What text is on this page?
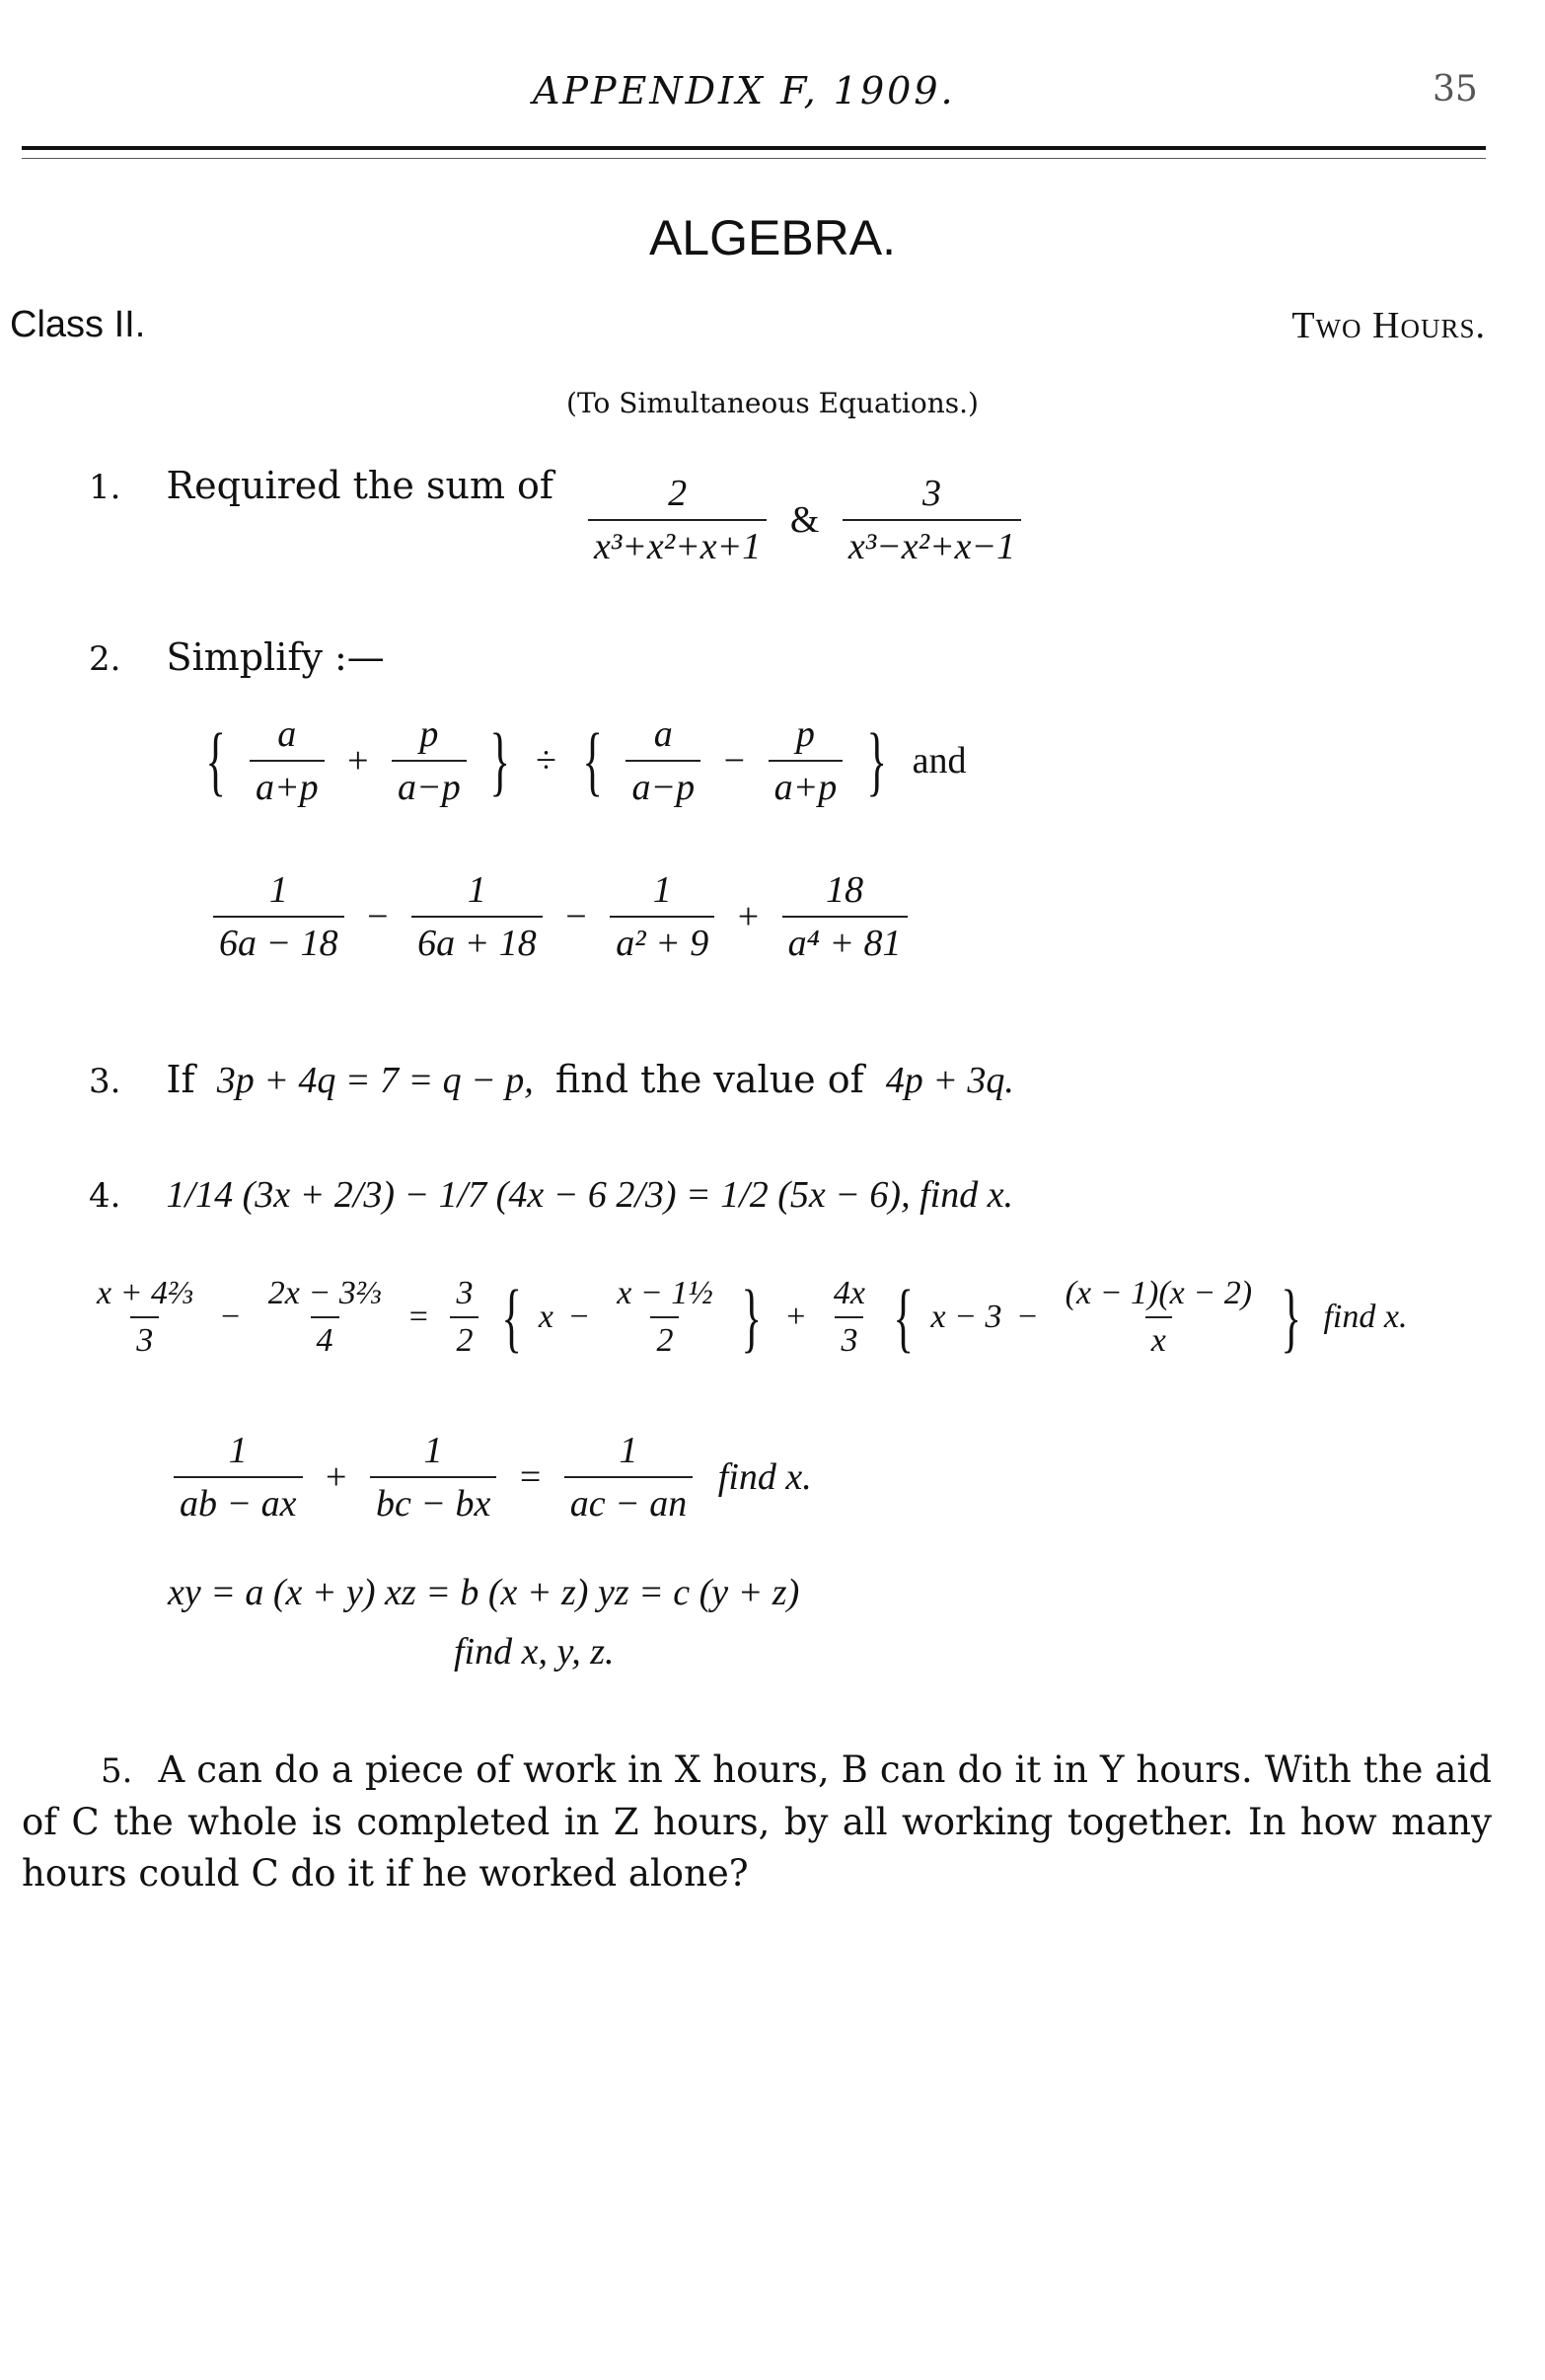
APPENDIX F, 1909.	35
ALGEBRA.
Class II.	Two Hours.
(To Simultaneous Equations.)
1. Required the sum of $\frac{2}{\text{x³+x²+x+1}}$ & $\frac{3}{\text{x³−x²+x−1}}$
2. Simplify :—
{ $\frac{a}{a+p} + \frac{p}{a-p}$ } ÷ { $\frac{a}{a-p} - \frac{p}{a+p}$ } and
$\frac{1}{6a - 18} - \frac{1}{6a + 18} - \frac{1}{\text{a² + 9}} + \frac{18}{\text{a⁴ + 81}}$
3. If 3p + 4q = 7 = q − p, find the value of 4p + 3q.
4. 1/14 (3x + 2/3) − 1/7 (4x − 6 2/3) = 1/2 (5x − 6), find x.
$\frac{\text{x + 4⅔}}{3} - \frac{\text{2x − 3⅔}}{4} = \frac{3}{2}$ { $x - \frac{\text{x − 1½}}{2}$ } + $\frac{4x}{3}$ { $x - 3 - \frac{(x - 1)(x - 2)}{x}$ } find x.
$\frac{1}{ab - ax} + \frac{1}{bc - bx} = \frac{1}{ac - an}$ find x.
xy = a (x + y) xz = b (x + z) yz = c (y + z)
find x, y, z.
5. A can do a piece of work in X hours, B can do it in Y hours. With the aid of C the whole is completed in Z hours, by all working together. In how many hours could C do it if he worked alone?
